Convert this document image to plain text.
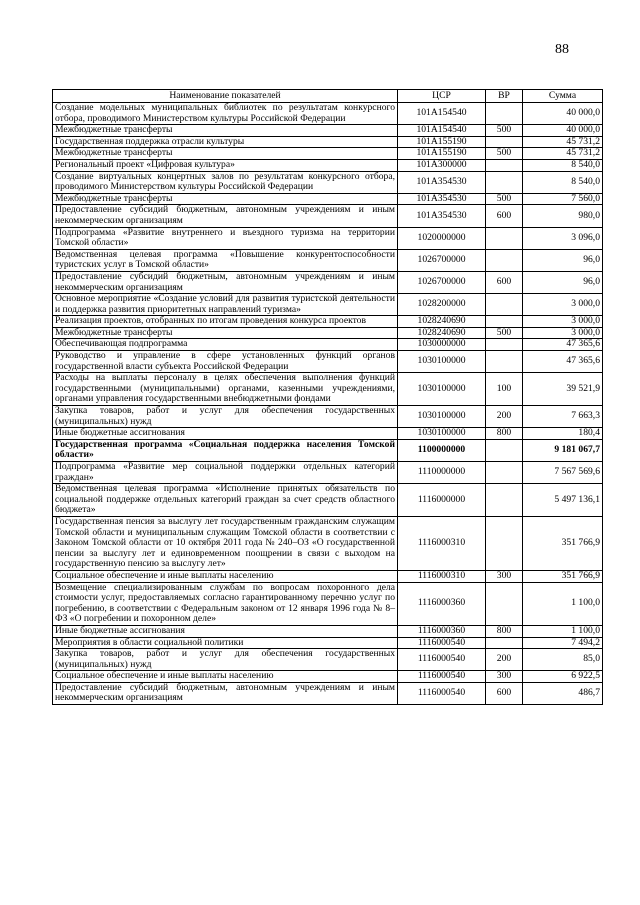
88
Наименование показателей	ЦСР	ВР	Сумма
Создание модельных муниципальных библиотек по результатам конкурсного отбора, проводимого Министерством культуры Российской Федерации	101A154540		40 000,0
Межбюджетные трансферты	101A154540	500	40 000,0
Государственная поддержка отрасли культуры	101A155190		45 731,2
Межбюджетные трансферты	101A155190	500	45 731,2
Региональный проект «Цифровая культура»	101A300000		8 540,0
Создание виртуальных концертных залов по результатам конкурсного отбора, проводимого Министерством культуры Российской Федерации	101A354530		8 540,0
Межбюджетные трансферты	101A354530	500	7 560,0
Предоставление субсидий бюджетным, автономным учреждениям и иным некоммерческим организациям	101A354530	600	980,0
Подпрограмма «Развитие внутреннего и въездного туризма на территории Томской области»	1020000000		3 096,0
Ведомственная целевая программа «Повышение конкурентоспособности туристских услуг в Томской области»	1026700000		96,0
Предоставление субсидий бюджетным, автономным учреждениям и иным некоммерческим организациям	1026700000	600	96,0
Основное мероприятие «Создание условий для развития туристской деятельности и поддержка развития приоритетных направлений туризма»	1028200000		3 000,0
Реализация проектов, отобранных по итогам проведения конкурса проектов	1028240690		3 000,0
Межбюджетные трансферты	1028240690	500	3 000,0
Обеспечивающая подпрограмма	1030000000		47 365,6
Руководство и управление в сфере установленных функций органов государственной власти субъекта Российской Федерации	1030100000		47 365,6
Расходы на выплаты персоналу в целях обеспечения выполнения функций государственными (муниципальными) органами, казенными учреждениями, органами управления государственными внебюджетными фондами	1030100000	100	39 521,9
Закупка товаров, работ и услуг для обеспечения государственных (муниципальных) нужд	1030100000	200	7 663,3
Иные бюджетные ассигнования	1030100000	800	180,4
Государственная программа «Социальная поддержка населения Томской области»	1100000000		9 181 067,7
Подпрограмма «Развитие мер социальной поддержки отдельных категорий граждан»	1110000000		7 567 569,6
Ведомственная целевая программа «Исполнение принятых обязательств по социальной поддержке отдельных категорий граждан за счет средств областного бюджета»	1116000000		5 497 136,1
Государственная пенсия за выслугу лет государственным гражданским служащим Томской области и муниципальным служащим Томской области в соответствии с Законом Томской области от 10 октября 2011 года № 240–ОЗ «О государственной пенсии за выслугу лет и единовременном поощрении в связи с выходом на государственную пенсию за выслугу лет»	1116000310		351 766,9
Социальное обеспечение и иные выплаты населению	1116000310	300	351 766,9
Возмещение специализированным службам по вопросам похоронного дела стоимости услуг, предоставляемых согласно гарантированному перечню услуг по погребению, в соответствии с Федеральным законом от 12 января 1996 года № 8–ФЗ «О погребении и похоронном деле»	1116000360		1 100,0
Иные бюджетные ассигнования	1116000360	800	1 100,0
Мероприятия в области социальной политики	1116000540		7 494,2
Закупка товаров, работ и услуг для обеспечения государственных (муниципальных) нужд	1116000540	200	85,0
Социальное обеспечение и иные выплаты населению	1116000540	300	6 922,5
Предоставление субсидий бюджетным, автономным учреждениям и иным некоммерческим организациям	1116000540	600	486,7
